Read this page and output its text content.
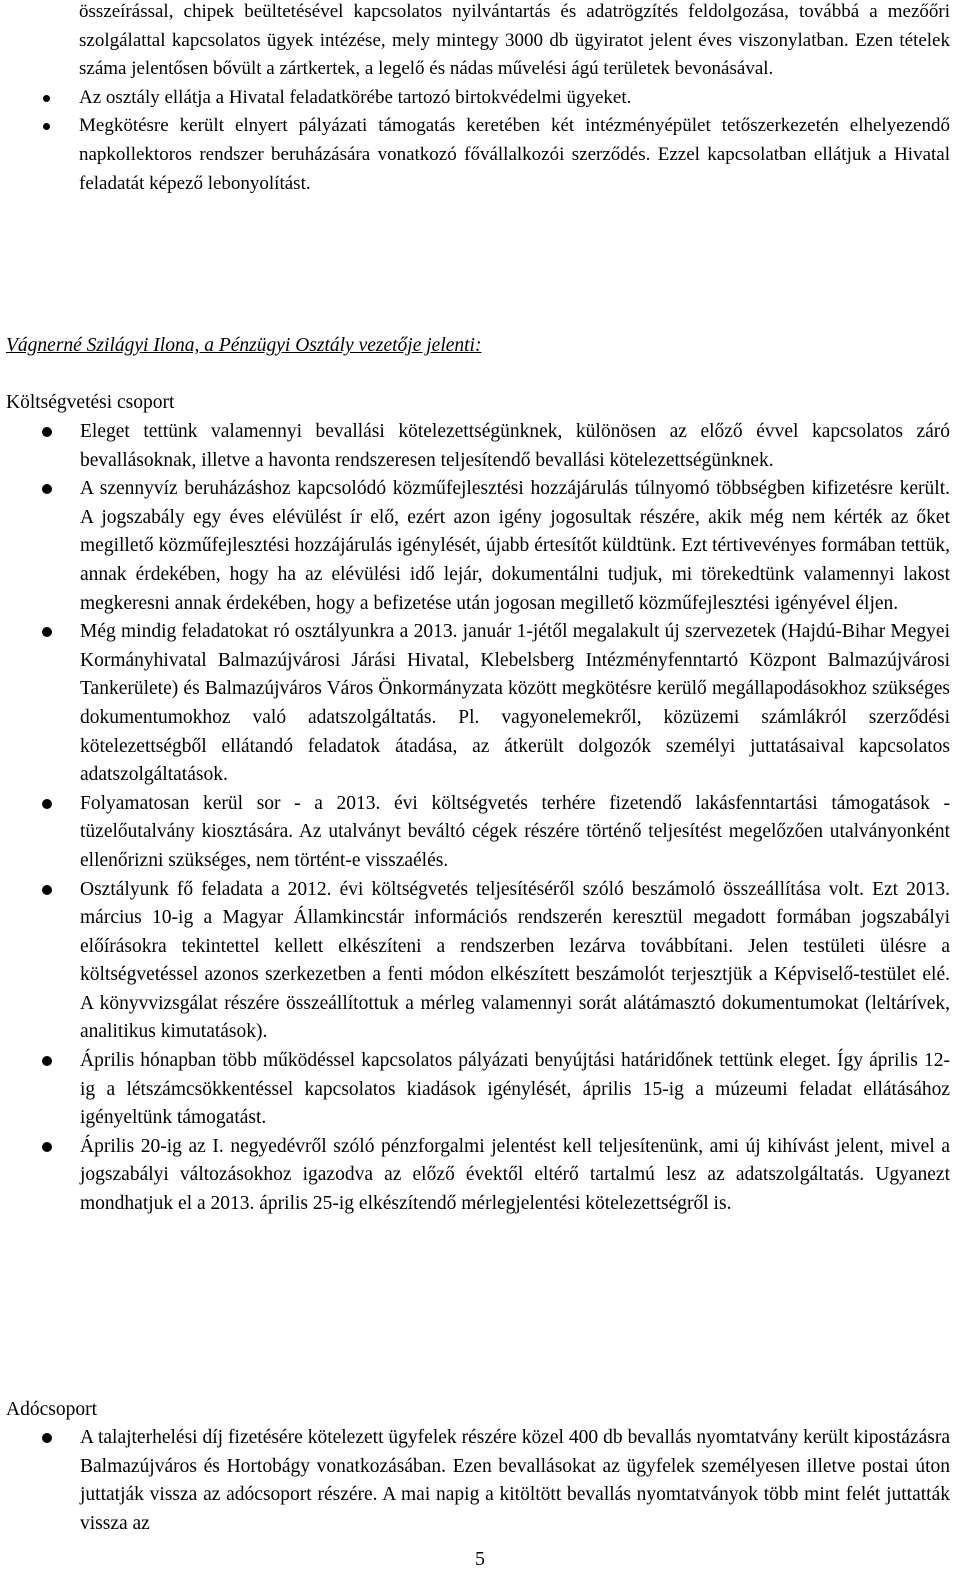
összeírással, chipek beültetésével kapcsolatos nyilvántartás és adatrögzítés feldolgozása, továbbá a mezőőri szolgálattal kapcsolatos ügyek intézése, mely mintegy 3000 db ügyiratot jelent éves viszonylatban. Ezen tételek száma jelentősen bővült a zártkertek, a legelő és nádas művelési ágú területek bevonásával.
Az osztály ellátja a Hivatal feladatkörébe tartozó birtokvédelmi ügyeket.
Megkötésre került elnyert pályázati támogatás keretében két intézményépület tetőszerkezetén elhelyezendő napkollektoros rendszer beruházására vonatkozó fővállalkozói szerződés. Ezzel kapcsolatban ellátjuk a Hivatal feladatát képező lebonyolítást.
Vágnerné Szilágyi Ilona, a Pénzügyi Osztály vezetője jelenti:
Költségvetési csoport
Eleget tettünk valamennyi bevallási kötelezettségünknek, különösen az előző évvel kapcsolatos záró bevallásoknak, illetve a havonta rendszeresen teljesítendő bevallási kötelezettségünknek.
A szennyvíz beruházáshoz kapcsolódó közműfejlesztési hozzájárulás túlnyomó többségben kifizetésre került. A jogszabály egy éves elévülést ír elő, ezért azon igény jogosultak részére, akik még nem kérték az őket megillető közműfejlesztési hozzájárulás igénylését, újabb értesítőt küldtünk. Ezt tértivevényes formában tettük, annak érdekében, hogy ha az elévülési idő lejár, dokumentálni tudjuk, mi törekedtünk valamennyi lakost megkeresni annak érdekében, hogy a befizetése után jogosan megillető közműfejlesztési igényével éljen.
Még mindig feladatokat ró osztályunkra a 2013. január 1-jétől megalakult új szervezetek (Hajdú-Bihar Megyei Kormányhivatal Balmazújvárosi Járási Hivatal, Klebelsberg Intézményfenntartó Központ Balmazújvárosi Tankerülete) és Balmazújváros Város Önkormányzata között megkötésre kerülő megállapodásokhoz szükséges dokumentumokhoz való adatszolgáltatás. Pl. vagyonelemekről, közüzemi számlákról szerződési kötelezettségből ellátandó feladatok átadása, az átkerült dolgozók személyi juttatásaival kapcsolatos adatszolgáltatások.
Folyamatosan kerül sor - a 2013. évi költségvetés terhére fizetendő lakásfenntartási támogatások - tüzelőutalvány kiosztására. Az utalványt beváltó cégek részére történő teljesítést megelőzően utalványonként ellenőrizni szükséges, nem történt-e visszaélés.
Osztályunk fő feladata a 2012. évi költségvetés teljesítéséről szóló beszámoló összeállítása volt. Ezt 2013. március 10-ig a Magyar Államkincstár információs rendszerén keresztül megadott formában jogszabályi előírásokra tekintettel kellett elkészíteni a rendszerben lezárva továbbítani. Jelen testületi ülésre a költségvetéssel azonos szerkezetben a fenti módon elkészített beszámolót terjesztjük a Képviselő-testület elé. A könyvvizsgálat részére összeállítottuk a mérleg valamennyi sorát alátámasztó dokumentumokat (leltárívek, analitikus kimutatások).
Április hónapban több működéssel kapcsolatos pályázati benyújtási határidőnek tettünk eleget. Így április 12-ig a létszámcsökkentéssel kapcsolatos kiadások igénylését, április 15-ig a múzeumi feladat ellátásához igényeltünk támogatást.
Április 20-ig az I. negyedévről szóló pénzforgalmi jelentést kell teljesítenünk, ami új kihívást jelent, mivel a jogszabályi változásokhoz igazodva az előző évektől eltérő tartalmú lesz az adatszolgáltatás. Ugyanezt mondhatjuk el a 2013. április 25-ig elkészítendő mérlegjelentési kötelezettségről is.
Adócsoport
A talajterhelési díj fizetésére kötelezett ügyfelek részére közel 400 db bevallás nyomtatvány került kipostázásra Balmazújváros és Hortobágy vonatkozásában. Ezen bevallásokat az ügyfelek személyesen illetve postai úton juttatják vissza az adócsoport részére. A mai napig a kitöltött bevallás nyomtatványok több mint felét juttatták vissza az
5
